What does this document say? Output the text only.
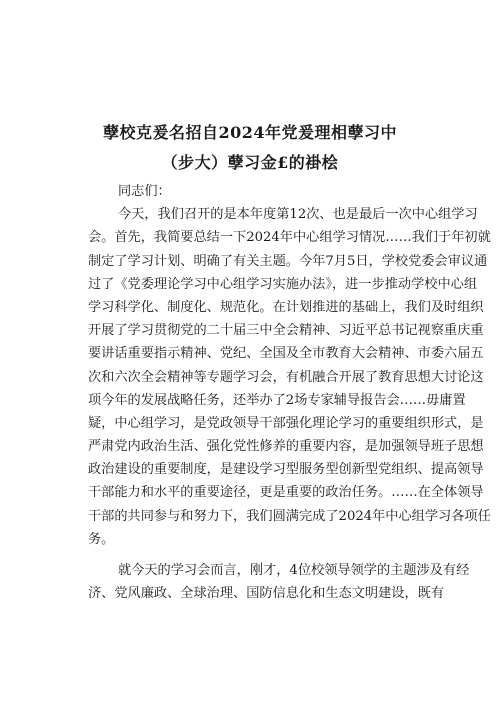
孽校克爰名招自2024年党爰理相孽习中
（步大）孽习金£的褂桧
同志们：
今天，我们召开的是本年度第12次、也是最后一次中心组学习
会。首先，我简要总结一下2024年中心组学习情况……我们于年初就
制定了学习计划、明确了有关主题。今年7月5日，学校党委会审议通
过了《党委理论学习中心组学习实施办法》，进一步推动学校中心组
学习科学化、制度化、规范化。在计划推进的基础上，我们及时组织
开展了学习贯彻党的二十届三中全会精神、习近平总书记视察重庆重
要讲话重要指示精神、党纪、全国及全市教育大会精神、市委六届五
次和六次全会精神等专题学习会，有机融合开展了教育思想大讨论这
项今年的发展战略任务，还举办了2场专家辅导报告会……毋庸置
疑，中心组学习，是党政领导干部强化理论学习的重要组织形式，是
严肃党内政治生活、强化党性修养的重要内容，是加强领导班子思想
政治建设的重要制度，是建设学习型服务型创新型党组织、提高领导
干部能力和水平的重要途径，更是重要的政治任务。……在全体领导
干部的共同参与和努力下，我们圆满完成了2024年中心组学习各项任
务。
就今天的学习会而言，刚才，4位校领导领学的主题涉及有经
济、党风廉政、全球治理、国防信息化和生态文明建设，既有
